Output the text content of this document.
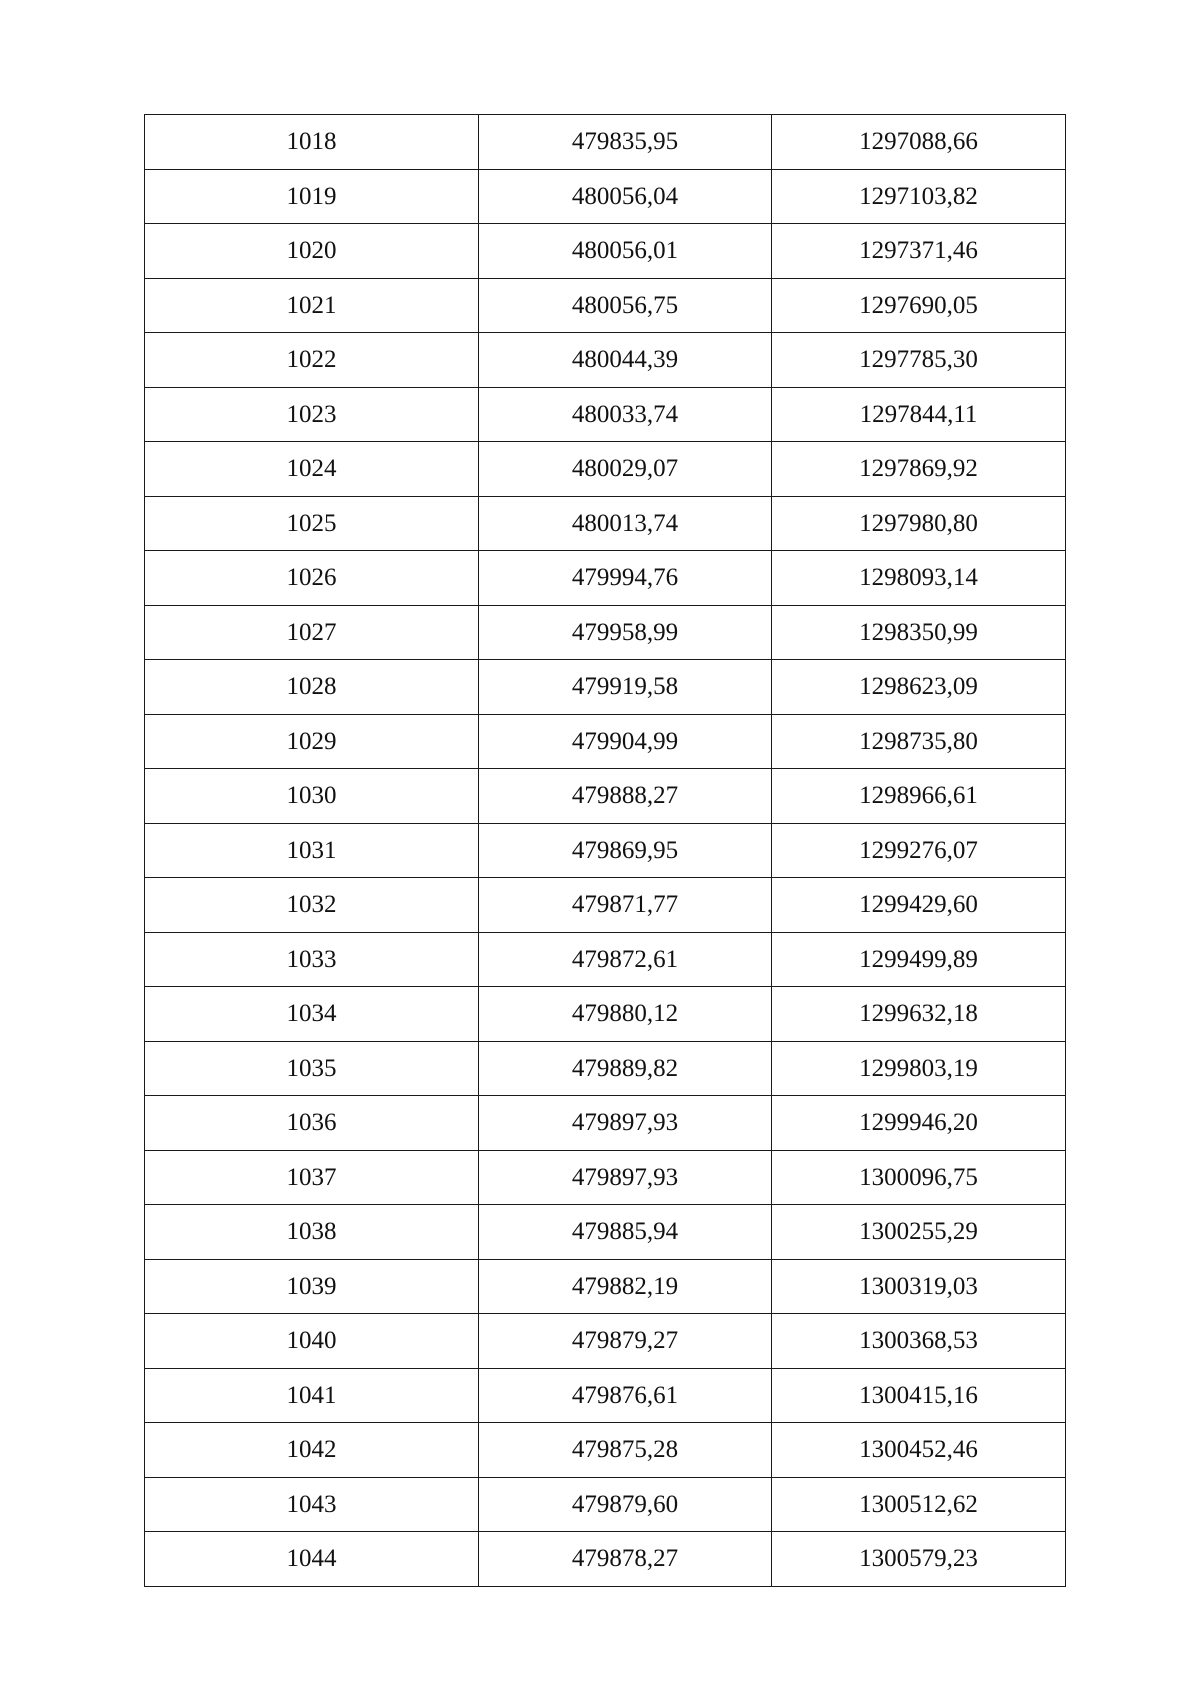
1018	479835,95	1297088,66
1019	480056,04	1297103,82
1020	480056,01	1297371,46
1021	480056,75	1297690,05
1022	480044,39	1297785,30
1023	480033,74	1297844,11
1024	480029,07	1297869,92
1025	480013,74	1297980,80
1026	479994,76	1298093,14
1027	479958,99	1298350,99
1028	479919,58	1298623,09
1029	479904,99	1298735,80
1030	479888,27	1298966,61
1031	479869,95	1299276,07
1032	479871,77	1299429,60
1033	479872,61	1299499,89
1034	479880,12	1299632,18
1035	479889,82	1299803,19
1036	479897,93	1299946,20
1037	479897,93	1300096,75
1038	479885,94	1300255,29
1039	479882,19	1300319,03
1040	479879,27	1300368,53
1041	479876,61	1300415,16
1042	479875,28	1300452,46
1043	479879,60	1300512,62
1044	479878,27	1300579,23
